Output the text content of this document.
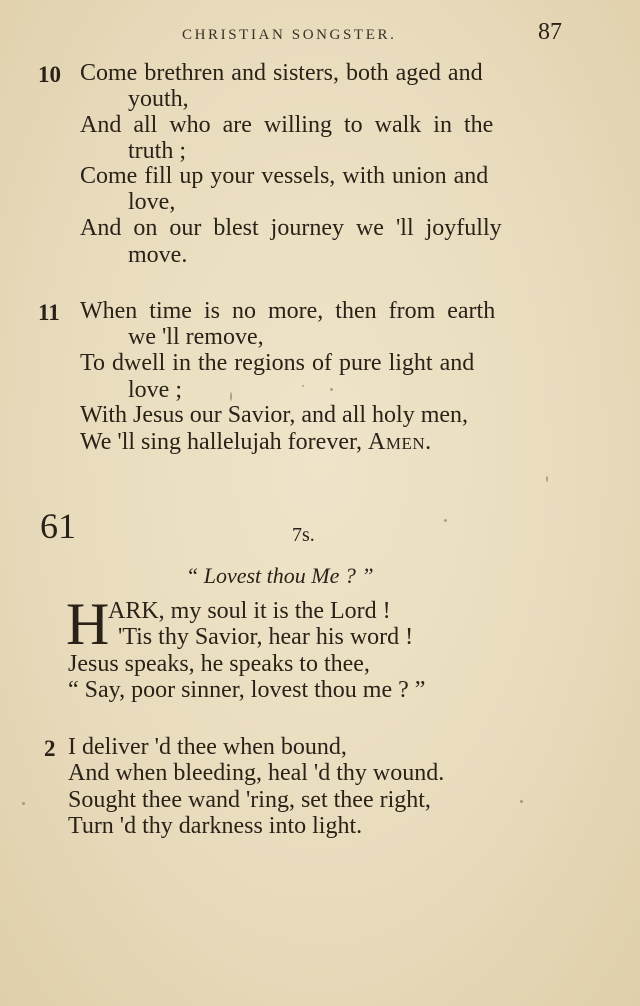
CHRISTIAN SONGSTER.	87
10 Come brethren and sisters, both aged and
youth,
And all who are willing to walk in the
truth ;
Come fill up your vessels, with union and
love,
And on our blest journey we 'll joyfully
move.
11 When time is no more, then from earth
we 'll remove,
To dwell in the regions of pure light and
love ;
With Jesus our Savior, and all holy men,
We 'll sing hallelujah forever, Amen.
61	7s.
“ Lovest thou Me ? ”
H
ARK, my soul it is the Lord !
'Tis thy Savior, hear his word !
Jesus speaks, he speaks to thee,
“ Say, poor sinner, lovest thou me ? ”
2 I deliver 'd thee when bound,
And when bleeding, heal 'd thy wound.
Sought thee wand 'ring, set thee right,
Turn 'd thy darkness into light.
